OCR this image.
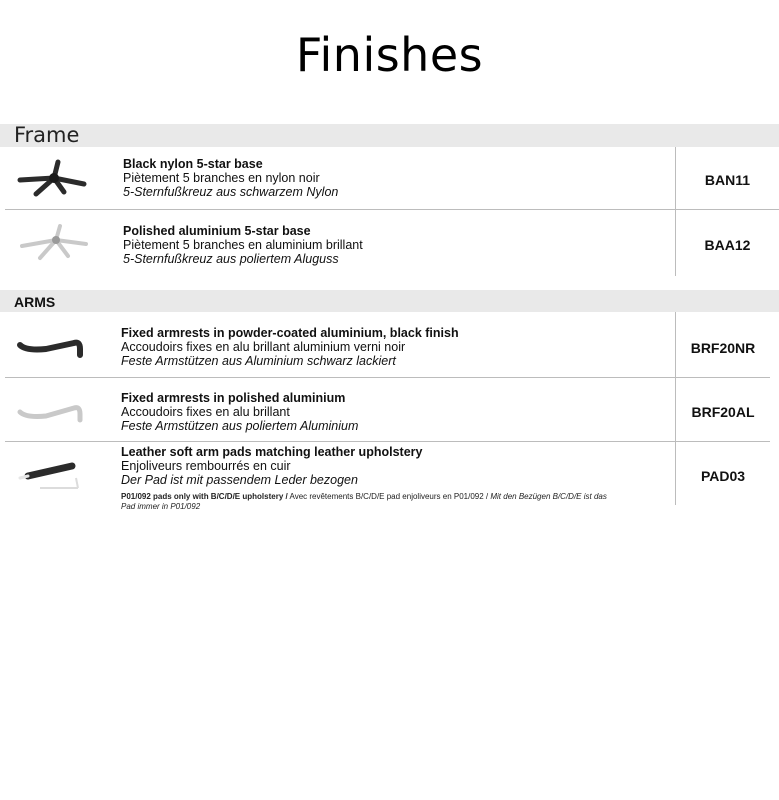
Finishes
Frame
Black nylon 5-star base
Piètement 5 branches en nylon noir
5-Sternfußkreuz aus schwarzem Nylon
BAN11
Polished aluminium 5-star base
Piètement 5 branches en aluminium brillant
5-Sternfußkreuz aus poliertem Aluguss
BAA12
ARMS
Fixed armrests in powder-coated aluminium, black finish
Accoudoirs fixes en alu brillant aluminium verni noir
Feste Armstützen aus Aluminium schwarz lackiert
BRF20NR
Fixed armrests in polished aluminium
Accoudoirs fixes en alu brillant
Feste Armstützen aus poliertem Aluminium
BRF20AL
Leather soft arm pads matching leather upholstery
Enjoliveurs rembourrés en cuir
Der Pad ist mit passendem Leder bezogen
P01/092 pads only with B/C/D/E upholstery / Avec revêtements B/C/D/E pad enjoliveurs en P01/092 / Mit den Bezügen B/C/D/E ist das Pad immer in P01/092
PAD03
